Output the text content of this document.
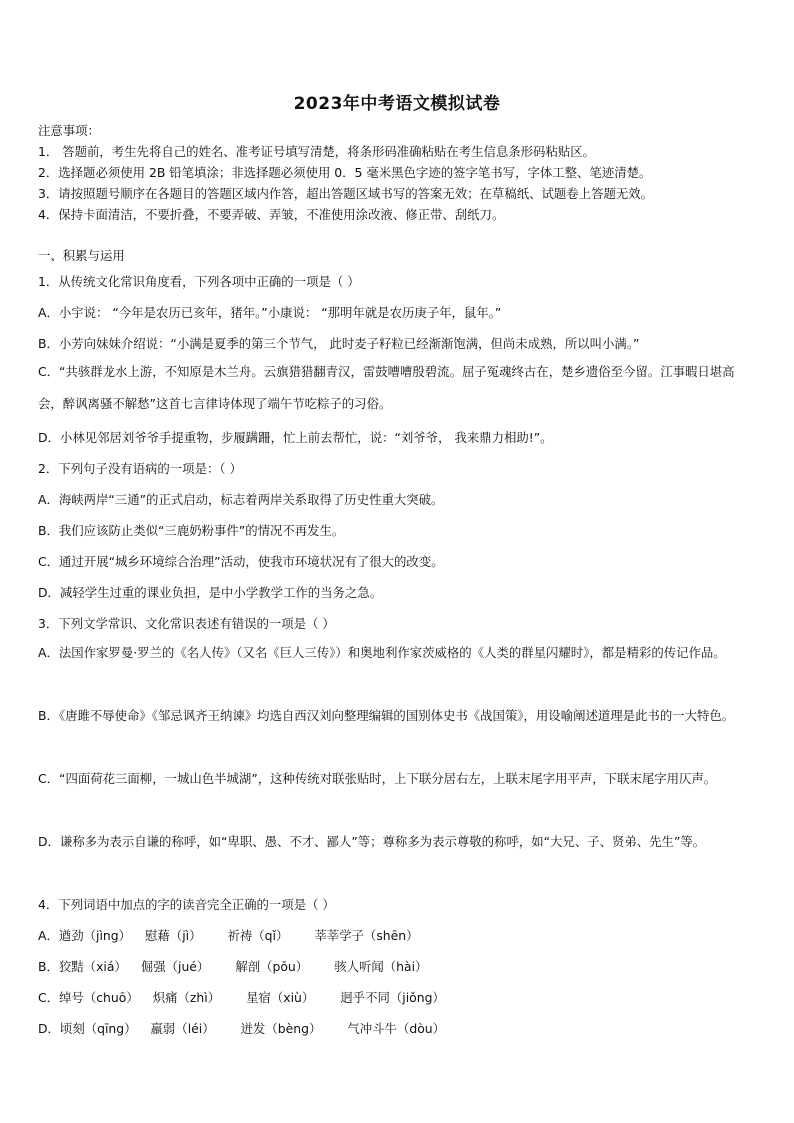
2023年中考语文模拟试卷
注意事项：
1． 答题前，考生先将自己的姓名、准考证号填写清楚，将条形码准确粘贴在考生信息条形码粘贴区。
2．选择题必须使用 2B 铅笔填涂；非选择题必须使用 0．5 毫米黑色字迹的签字笔书写，字体工整、笔迹清楚。
3．请按照题号顺序在各题目的答题区域内作答，超出答题区域书写的答案无效；在草稿纸、试题卷上答题无效。
4．保持卡面清洁，不要折叠，不要弄破、弄皱，不准使用涂改液、修正带、刮纸刀。
一、积累与运用
1．从传统文化常识角度看，下列各项中正确的一项是（ ）
A．小宇说： “今年是农历已亥年，猪年。”小康说： “那明年就是农历庚子年，鼠年。”
B．小芳向妹妹介绍说：“小满是夏季的第三个节气， 此时麦子籽粒已经渐渐饱满，但尚未成熟，所以叫小满。”
C．“共骇群龙水上游，不知原是木兰舟。云旗猎猎翻青汉，雷鼓嘈嘈殷碧流。屈子冤魂终古在，楚乡遗俗至今留。江事暇日堪高会，醉讽离骚不解愁”这首七言律诗体现了端午节吃粽子的习俗。
D．小林见邻居刘爷爷手提重物，步履蹒跚，忙上前去帮忙，说：“刘爷爷， 我来鼎力相助!”。
2．下列句子没有语病的一项是：（ ）
A．海峡两岸“三通”的正式启动，标志着两岸关系取得了历史性重大突破。
B．我们应该防止类似“三鹿奶粉事件”的情况不再发生。
C．通过开展“城乡环境综合治理”活动，使我市环境状况有了很大的改变。
D．减轻学生过重的课业负担，是中小学教学工作的当务之急。
3．下列文学常识、文化常识表述有错误的一项是（ ）
A．法国作家罗曼·罗兰的《名人传》（又名《巨人三传》）和奥地利作家茨威格的《人类的群星闪耀时》，都是精彩的传记作品。
B．《唐雎不辱使命》《邹忌讽齐王纳谏》均选自西汉刘向整理编辑的国别体史书《战国策》，用设喻阐述道理是此书的一大特色。
C．“四面荷花三面柳，一城山色半城湖”，这种传统对联张贴时，上下联分居右左，上联末尾字用平声，下联末尾字用仄声。
D．谦称多为表示自谦的称呼，如“卑职、愚、不才、鄙人”等；尊称多为表示尊敬的称呼，如“大兄、子、贤弟、先生”等。
4．下列词语中加点的字的读音完全正确的一项是（ ）
A．遒劲（jìng） 慰藉（jì） 祈祷（qǐ） 莘莘学子（shēn）
B．狡黠（xiá） 倔强（jué） 解剖（pōu） 骇人听闻（hài）
C．绰号（chuō） 炽痛（zhì） 星宿（xiù） 迥乎不同（jiǒng）
D．顷刻（qīng） 羸弱（léi） 迸发（bèng） 气冲斗牛（dòu）
